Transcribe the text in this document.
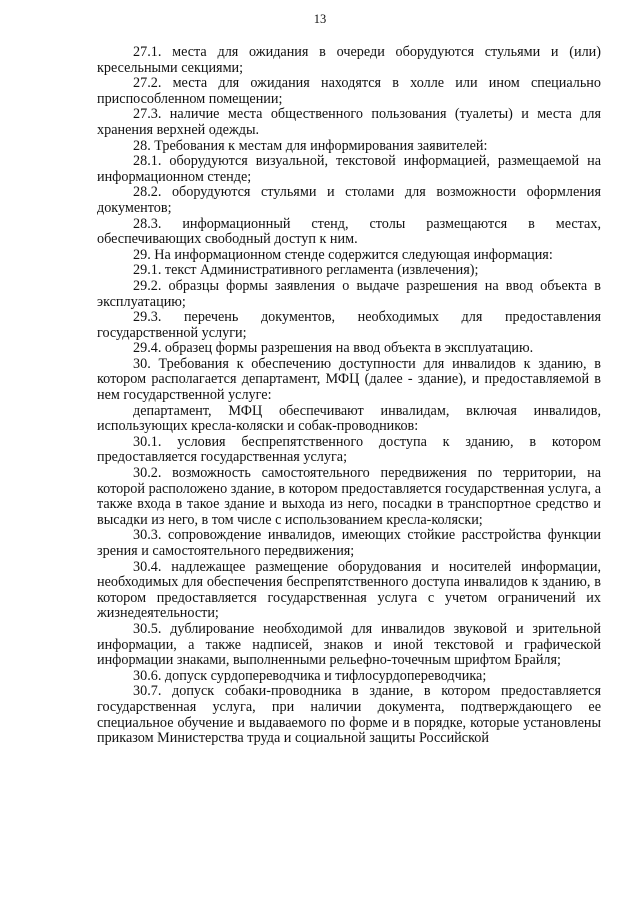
13

27.1. места для ожидания в очереди оборудуются стульями и (или) кресельными секциями;

27.2. места для ожидания находятся в холле или ином специально приспособленном помещении;

27.3. наличие места общественного пользования (туалеты) и места для хранения верхней одежды.

28. Требования к местам для информирования заявителей:

28.1. оборудуются визуальной, текстовой информацией, размещаемой на информационном стенде;

28.2. оборудуются стульями и столами для возможности оформления документов;

28.3. информационный стенд, столы размещаются в местах, обеспечивающих свободный доступ к ним.

29. На информационном стенде содержится следующая информация:

29.1. текст Административного регламента (извлечения);

29.2. образцы формы заявления о выдаче разрешения на ввод объекта в эксплуатацию;

29.3. перечень документов, необходимых для предоставления государственной услуги;

29.4. образец формы разрешения на ввод объекта в эксплуатацию.

30. Требования к обеспечению доступности для инвалидов к зданию, в котором располагается департамент, МФЦ (далее - здание), и предоставляемой в нем государственной услуге:

департамент, МФЦ обеспечивают инвалидам, включая инвалидов, использующих кресла-коляски и собак-проводников:

30.1. условия беспрепятственного доступа к зданию, в котором предоставляется государственная услуга;

30.2. возможность самостоятельного передвижения по территории, на которой расположено здание, в котором предоставляется государственная услуга, а также входа в такое здание и выхода из него, посадки в транспортное средство и высадки из него, в том числе с использованием кресла-коляски;

30.3. сопровождение инвалидов, имеющих стойкие расстройства функции зрения и самостоятельного передвижения;

30.4. надлежащее размещение оборудования и носителей информации, необходимых для обеспечения беспрепятственного доступа инвалидов к зданию, в котором предоставляется государственная услуга с учетом ограничений их жизнедеятельности;

30.5. дублирование необходимой для инвалидов звуковой и зрительной информации, а также надписей, знаков и иной текстовой и графической информации знаками, выполненными рельефно-точечным шрифтом Брайля;

30.6. допуск сурдопереводчика и тифлосурдопереводчика;

30.7. допуск собаки-проводника в здание, в котором предоставляется государственная услуга, при наличии документа, подтверждающего ее специальное обучение и выдаваемого по форме и в порядке, которые установлены приказом Министерства труда и социальной защиты Российской
